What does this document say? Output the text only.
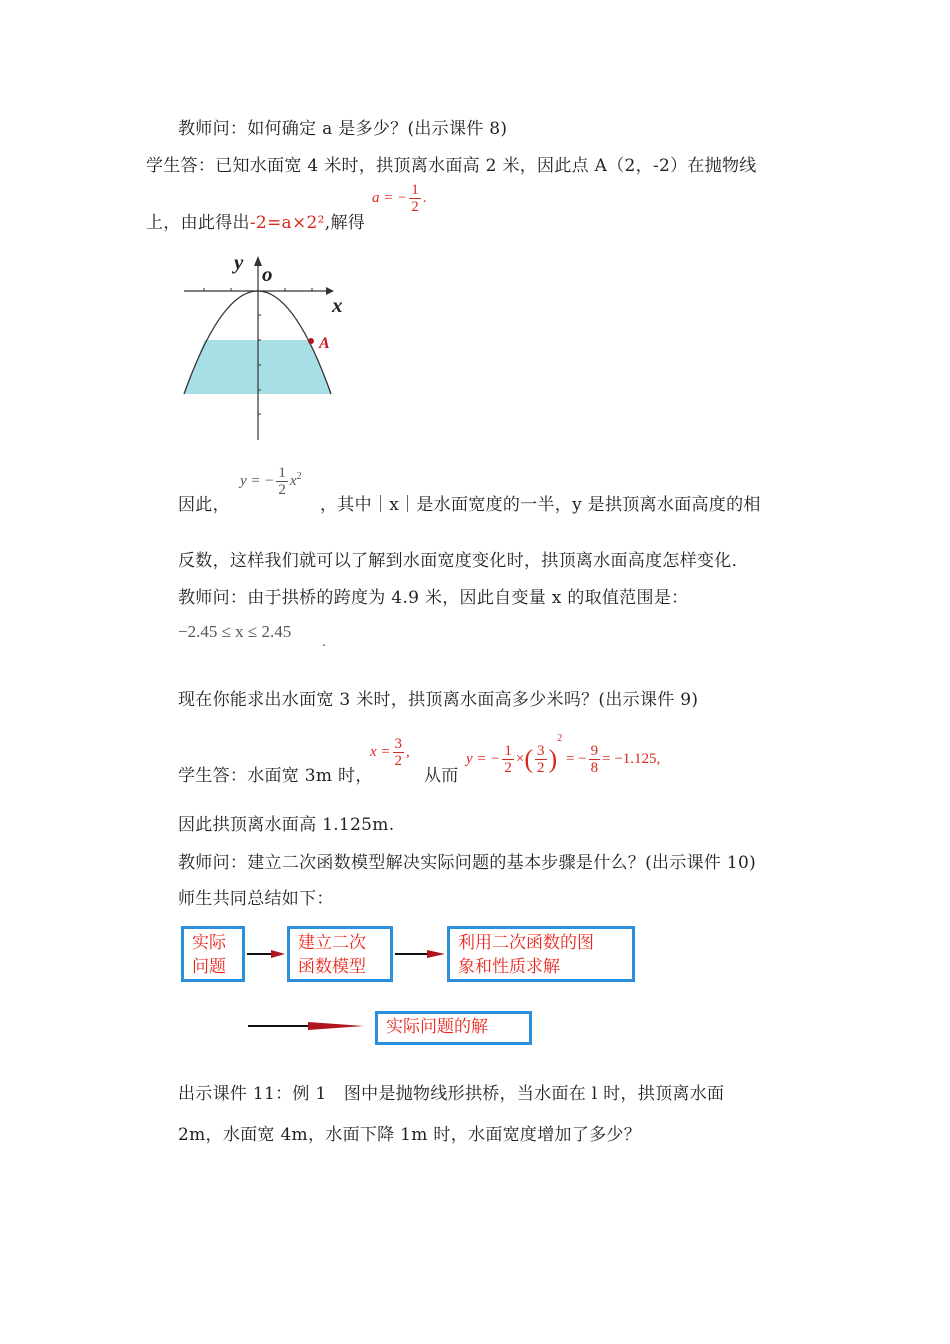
教师问：如何确定 a 是多少？(出示课件 8)
学生答：已知水面宽 4 米时，拱顶离水面高 2 米，因此点 A（2，-2）在抛物线
上，由此得出-2=a×2²,解得
a = − $\frac{1}{2}$ .
A
y o
x
因此，
y = − $\frac{1}{2} x^2$
，其中｜x｜是水面宽度的一半，y 是拱顶离水面高度的相
反数，这样我们就可以了解到水面宽度变化时，拱顶离水面高度怎样变化．
教师问：由于拱桥的跨度为 4.9 米，因此自变量 x 的取值范围是：
−2.45 ≤ x ≤ 2.45
.
现在你能求出水面宽 3 米时，拱顶离水面高多少米吗？(出示课件 9)
学生答：水面宽 3m 时，
$x = \frac{3}{2}$ ,
从而
y = − $\frac{1}{2}$ ×( $\frac{3}{2} )^2$ = − $\frac{9}{8} = -1.125$,
因此拱顶离水面高 1.125m.
教师问：建立二次函数模型解决实际问题的基本步骤是什么？(出示课件 10)
师生共同总结如下：
实际
问题
建立二次
函数模型
利用二次函数的图
象和性质求解
实际问题的解
出示课件 11：例 1　图中是抛物线形拱桥，当水面在 l 时，拱顶离水面
2m，水面宽 4m，水面下降 1m 时，水面宽度增加了多少？
